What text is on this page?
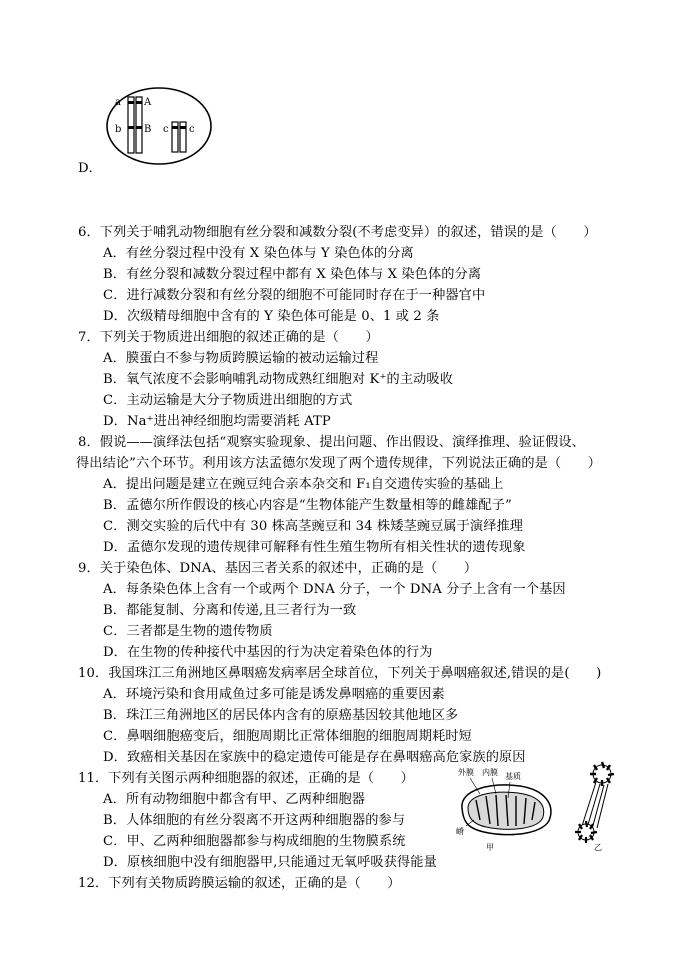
a A
b B c c
D．
6．下列关于哺乳动物细胞有丝分裂和减数分裂(不考虑变异）的叙述，错误的是（　　）
A．有丝分裂过程中没有 X 染色体与 Y 染色体的分离
B．有丝分裂和减数分裂过程中都有 X 染色体与 X 染色体的分离
C．进行减数分裂和有丝分裂的细胞不可能同时存在于一种器官中
D．次级精母细胞中含有的 Y 染色体可能是 0、1 或 2 条
7．下列关于物质进出细胞的叙述正确的是（　　）
A．膜蛋白不参与物质跨膜运输的被动运输过程
B．氧气浓度不会影响哺乳动物成熟红细胞对 K⁺的主动吸收
C．主动运输是大分子物质进出细胞的方式
D．Na⁺进出神经细胞均需要消耗 ATP
8．假说——演绎法包括“观察实验现象、提出问题、作出假设、演绎推理、验证假设、
得出结论”六个环节。利用该方法孟德尔发现了两个遗传规律，下列说法正确的是（　　）
A．提出问题是建立在豌豆纯合亲本杂交和 F₁自交遗传实验的基础上
B．孟德尔所作假设的核心内容是“生物体能产生数量相等的雌雄配子”
C．测交实验的后代中有 30 株高茎豌豆和 34 株矮茎豌豆属于演绎推理
D．孟德尔发现的遗传规律可解释有性生殖生物所有相关性状的遗传现象
9．关于染色体、DNA、基因三者关系的叙述中，正确的是（　　）
A．每条染色体上含有一个或两个 DNA 分子，一个 DNA 分子上含有一个基因
B．都能复制、分离和传递,且三者行为一致
C．三者都是生物的遗传物质
D．在生物的传种接代中基因的行为决定着染色体的行为
10．我国珠江三角洲地区鼻咽癌发病率居全球首位，下列关于鼻咽癌叙述,错误的是(　　)
A．环境污染和食用咸鱼过多可能是诱发鼻咽癌的重要因素
B．珠江三角洲地区的居民体内含有的原癌基因较其他地区多
C．鼻咽细胞癌变后，细胞周期比正常体细胞的细胞周期耗时短
D．致癌相关基因在家族中的稳定遗传可能是存在鼻咽癌高危家族的原因
11．下列有关图示两种细胞器的叙述，正确的是（　　）
A．所有动物细胞中都含有甲、乙两种细胞器
B．人体细胞的有丝分裂离不开这两种细胞器的参与
C．甲、乙两种细胞器都参与构成细胞的生物膜系统
D．原核细胞中没有细胞器甲,只能通过无氧呼吸获得能量
外膜 内膜 基质
嵴
甲	乙
12．下列有关物质跨膜运输的叙述，正确的是（　　）
